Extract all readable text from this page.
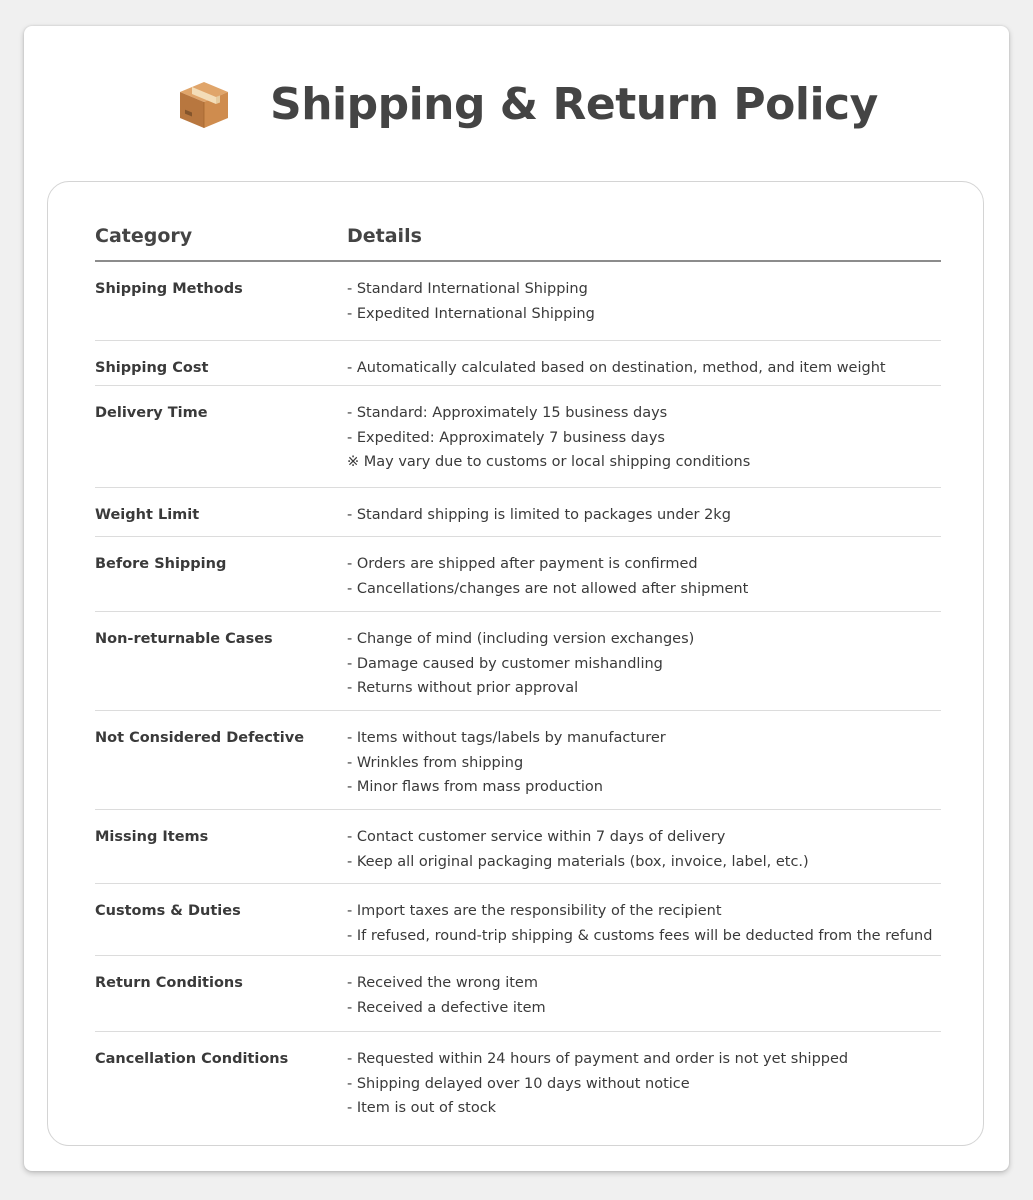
Shipping & Return Policy
Category	Details
Shipping Methods	- Standard International Shipping
- Expedited International Shipping
Shipping Cost	- Automatically calculated based on destination, method, and item weight
Delivery Time	- Standard: Approximately 15 business days
- Expedited: Approximately 7 business days
※ May vary due to customs or local shipping conditions
Weight Limit	- Standard shipping is limited to packages under 2kg
Before Shipping	- Orders are shipped after payment is confirmed
- Cancellations/changes are not allowed after shipment
Non-returnable Cases	- Change of mind (including version exchanges)
- Damage caused by customer mishandling
- Returns without prior approval
Not Considered Defective	- Items without tags/labels by manufacturer
- Wrinkles from shipping
- Minor flaws from mass production
Missing Items	- Contact customer service within 7 days of delivery
- Keep all original packaging materials (box, invoice, label, etc.)
Customs & Duties	- Import taxes are the responsibility of the recipient
- If refused, round-trip shipping & customs fees will be deducted from the refund
Return Conditions	- Received the wrong item
- Received a defective item
Cancellation Conditions	- Requested within 24 hours of payment and order is not yet shipped
- Shipping delayed over 10 days without notice
- Item is out of stock
